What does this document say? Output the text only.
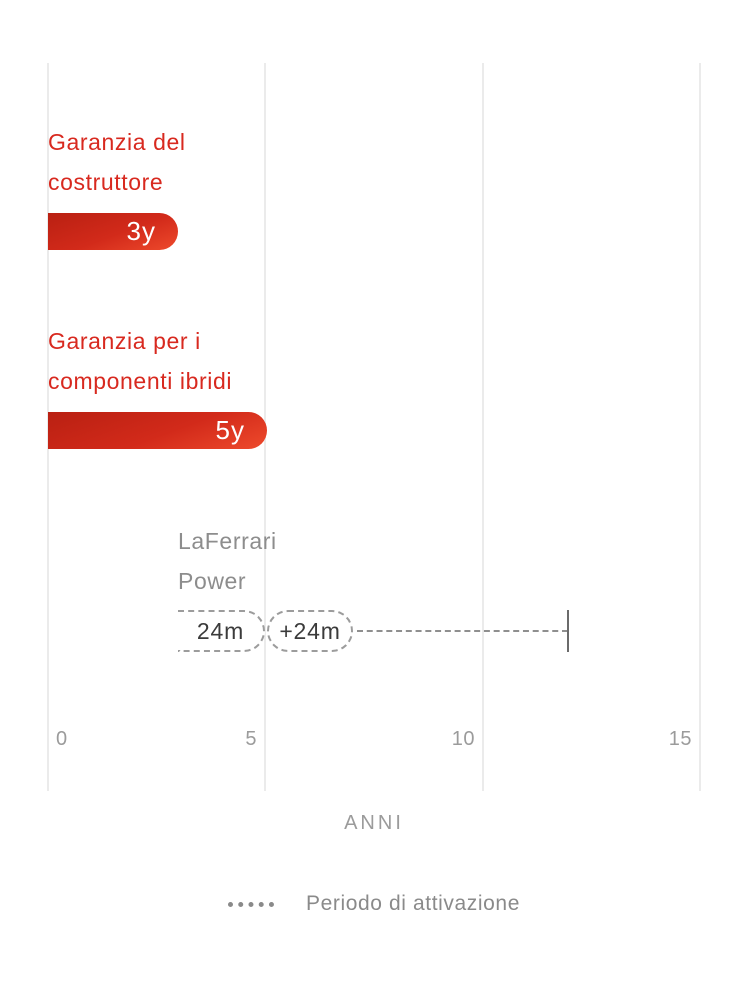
Garanzia del
costruttore
3y
Garanzia per i
componenti ibridi
5y
LaFerrari
Power
24m	+24m
0	5	10	15
ANNI
Periodo di attivazione
